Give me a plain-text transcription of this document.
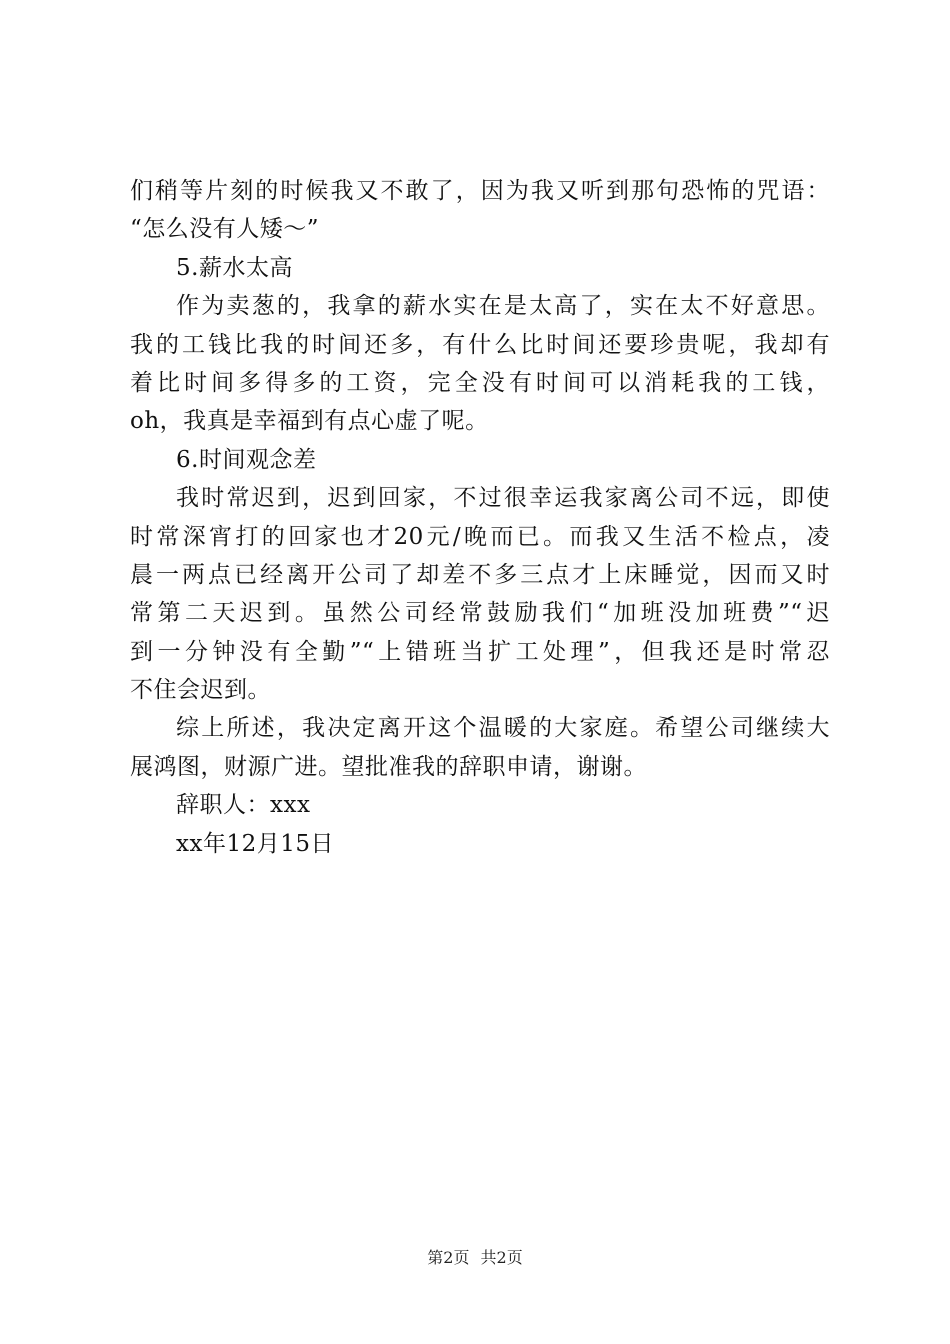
们稍等片刻的时候我又不敢了，因为我又听到那句恐怖的咒语：
“怎么没有人矮～”
5.薪水太高
作为卖葱的，我拿的薪水实在是太高了，实在太不好意思。
我的工钱比我的时间还多，有什么比时间还要珍贵呢，我却有
着比时间多得多的工资，完全没有时间可以消耗我的工钱，
oh，我真是幸福到有点心虚了呢。
6.时间观念差
我时常迟到，迟到回家，不过很幸运我家离公司不远，即使
时常深宵打的回家也才20元/晚而已。而我又生活不检点，凌
晨一两点已经离开公司了却差不多三点才上床睡觉，因而又时
常第二天迟到。虽然公司经常鼓励我们“加班没加班费”“迟
到一分钟没有全勤”“上错班当扩工处理”，但我还是时常忍
不住会迟到。
综上所述，我决定离开这个温暖的大家庭。希望公司继续大
展鸿图，财源广进。望批准我的辞职申请，谢谢。
辞职人：xxx
xx年12月15日
第2页 共2页
